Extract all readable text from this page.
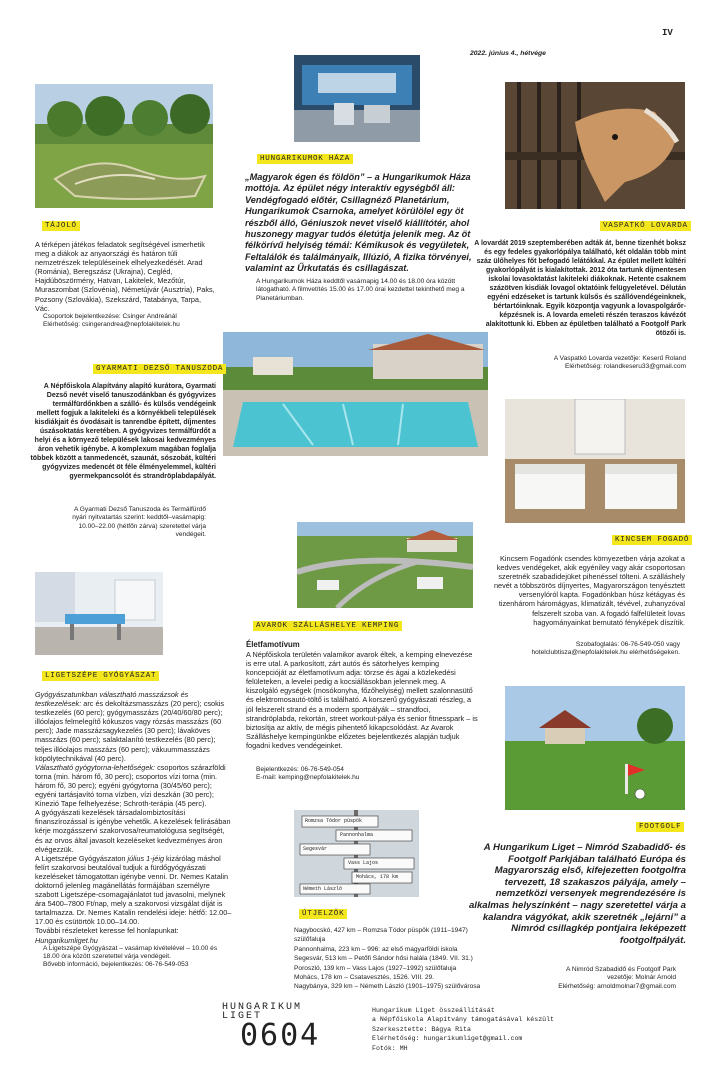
IV
2022. június 4., hétvége
TÁJOLÓ

A térképen játékos feladatok segítségével ismerhetik meg a diákok az anyaországi és határon túli nemzetrészek településeinek elhelyezkedését. Arad (Románia), Beregszász (Ukrajna), Cegléd, Hajdúböszörmény, Hatvan, Lakitelek, Mezőtúr, Muraszombat (Szlovénia), Németújvár (Ausztria), Paks, Pozsony (Szlovákia), Szekszárd, Tatabánya, Tarpa, Vác.

Csoportok bejelentkezése: Csinger Andreánál

Elérhetőség: csingerandrea@nepfolakitelek.hu

HUNGARIKUMOK HÁZA
„Magyarok égen és földön” – a Hungarikumok Háza mottója. Az épület négy interaktív egységből áll: Vendégfogadó előtér, Csillagnéző Planetárium, Hungarikumok Csarnoka, amelyet körülölel egy öt részből álló, Géniuszok nevet viselő kiállítótér, ahol huszonegy magyar tudós életútja jelenik meg. Az öt félkörívű helyiség témái: Kémikusok és vegyületek, Feltalálók és találmányaik, Illúzió, A fizika törvényei, valamint az Űrkutatás és csillagászat.
A Hungarikumok Háza keddtől vasárnapig 14.00 és 18.00 óra között látogatható. A filmvetítés 15.00 és 17.00 órai kezdettel tekinthető meg a Planetáriumban.
VASPATKÓ LOVARDA
A lovardát 2019 szeptemberében adták át, benne tizenhét boksz és egy fedeles gyakorlópálya található, két oldalán több mint száz ülőhelyes főt befogadó lelátókkal. Az épület mellett kültéri gyakorlópályát is kialakítottak. 2012 óta tartunk díjmentesen iskolai lovasoktatást lakiteleki diákoknak. Hetente csaknem százötven kisdiák lovagol oktatóink felügyeletével. Délután egyéni edzéseket is tartunk külsős és szállóvendégeinknek, bértartóinknak. Egyik központja vagyunk a lovaspolgárőr-képzésnek is. A lovarda emeleti részén teraszos kávézót alakítottunk ki. Ebben az épületben található a Footgolf Park ötözői is.

A Vaspatkó Lovarda vezetője: Keserű Roland

Elérhetőség: rolandkeseru33@gmail.com

GYARMATI DEZSŐ TANUSZODA
A Népfőiskola Alapítvány alapító kurátora, Gyarmati Dezső nevét viselő tanuszodánkban és gyógyvizes termálfürdőnkben a szálló- és külsős vendégeink mellett fogjuk a lakiteleki és a környékbeli települések kisdiákjait és óvodásait is tanrendbe épített, díjmentes úszásoktatás keretében. A gyógyvizes termálfürdőt a helyi és a környező települések lakosai kedvezményes áron vehetik igénybe. A komplexum magában foglalja többek között a tanmedencét, szaunát, sószobát, kültéri gyógyvizes medencét öt féle élményelemmel, kültéri gyermekpancsolót és strandröplabdapályát.
A Gyarmati Dezső Tanuszoda és Termálfürdő nyári nyitvatartás szerint: keddtől–vasárnapig: 10.00–22.00 (hétfőn zárva) szeretettel várja vendégeit.
KINCSEM FOGADÓ
Kincsem Fogadónk csendes környezetben várja azokat a kedves vendégeket, akik egyéniley vagy akár csoportosan szeretnék szabadidejüket pihenéssel tölteni. A szálláshely nevét a többszörös díjnyertes, Magyarországon tenyésztett versenylóról kapta. Fogadónkban húsz kétágyas és tizenhárom háromágyas, klimatizált, tévével, zuhanyzóval felszerelt szoba van. A fogadó falfelületeit lovas hagyományainkat bemutató fényképek díszítik.

Szobafoglalás: 06-76-549-050 vagy

hotelclubtisza@nepfolakitelek.hu elérhetőségeken.

AVAROK SZÁLLÁSHELYE KEMPING
Életfamotívum
A Népfőiskola területén valamikor avarok éltek, a kemping elnevezése is erre utal. A parkosított, zárt autós és sátorhelyes kemping koncepcióját az életfamotívum adja: törzse és ágai a közlekedési felületeken, a levelei pedig a kocsiállásokban jelennek meg. A kiszolgáló egységek (mosókonyha, főzőhelyiség) mellett szalonnasütő és elektromosautó-töltő is található. A korszerű gyógyászati részleg, a jól felszerelt strand és a modern sportpályák – strandfoci, strandröplabda, rekortán, street workout-pálya és senior fitnesspark – is biztosítja az aktív, de mégis pihentető kikapcsolódást. Az Avarok Szálláshelye kempingünkbe előzetes bejelentkezés alapján tudjuk fogadni kedves vendégeinket.

Bejelentkezés: 06-76-549-054

E-mail: kemping@nepfolakitelek.hu

LIGETSZÉPE GYÓGYÁSZAT

Gyógyászatunkban választható masszázsok és testkezelések: arc és dekoltázsmasszázs (20 perc); csokis testkezelés (60 perc); gyógymasszázs (20/40/60/80 perc); illóolajos felmelegítő kókuszos vagy rózsás masszázs (60 perc); Jade masszázsagykezelés (30 perc); lávaköves masszázs (60 perc); salaktalanító testkezelés (80 perc); teljes illóolajos masszázs (60 perc); vákuummasszázs köpölytechnikával (40 perc).

Választható gyógytorna-lehetőségek: csoportos szárazföldi torna (min. három fő, 30 perc); csoportos vízi torna (min. három fő, 30 perc); egyéni gyógytorna (30/45/60 perc); egyéni tartásjavító torna vízben, vízi deszkán (30 perc); Kinezió Tape felhelyezése; Schroth-terápia (45 perc).

A gyógyászati kezelések társadalombiztosítási finanszírozással is igénybe vehetők. A kezelések felírásában kérje mozgásszervi szakorvosa/reumatológusa segítségét, és az orvos által javasolt kezeléseket kedvezményes áron elvégezzük.

A Ligetszépe Gyógyászaton július 1-jéig kizárólag máshol felírt szakorvosi beutalóval tudjuk a fürdőgyógyászati kezeléseket támogatottan igénybe venni. Dr. Nemes Katalin doktornő jelenleg magánellátás formájában személyre szabott Ligetszépe-csomagajánlatot tud javasolni, melynek ára 5400–7800 Ft/nap, mely a szakorvosi vizsgálat díját is tartalmazza. Dr. Nemes Katalin rendelési ideje: hétfő: 12.00–17.00 és csütörtök 10.00–14.00.

További részleteket keresse fel honlapunkat:

Hungarikumliget.hu

A Ligetszépe Gyógyászat – vasárnap kivételével – 10.00 és 18.00 óra között szeretettel várja vendégeit.

Bővebb információ, bejelentkezés: 06-76-549-053

FOOTGOLF
A Hungarikum Liget – Nimród Szabadidő- és Footgolf Parkjában található Európa és Magyarország első, kifejezetten footgolfra tervezett, 18 szakaszos pályája, amely – nemzetközi versenyek megrendezésére is alkalmas helyszínként – nagy szeretettel várja a kalandra vágyókat, akik szeretnék „lejárni” a Nimród csillagkép pontjaira leképezett footgolfpályát.

A Nimród Szabadidő és Footgolf Park

vezetője: Molnár Arnold

Elérhetőség: arnoldmolnar7@gmail.com

Romzsa Tódor püspök
Pannonhalma
Segesvár
Vass Lajos
Mohács, 178 km
Németh László
ÚTJELZŐK
Nagybocskó, 427 km – Romzsa Tódor püspök (1911–1947) szülőfaluja
Pannonhalma, 223 km – 996: az első magyarföldi iskola
Segesvár, 513 km – Petőfi Sándor hősi halála (1849. VII. 31.)
Poroszló, 139 km – Vass Lajos (1927–1992) szülőfaluja
Mohács, 178 km – Csatavesztés, 1526. VIII. 29.
Nagybánya, 329 km – Németh László (1901–1975) szülővárosa
HUNGARIKUM
LIGET
0604
Hungarikum Liget összeállítását
a Népfőiskola Alapítvány támogatásával készült
Szerkesztette: Bágya Rita
Elérhetőség: hungarikumliget@gmail.com
Fotók: MH
